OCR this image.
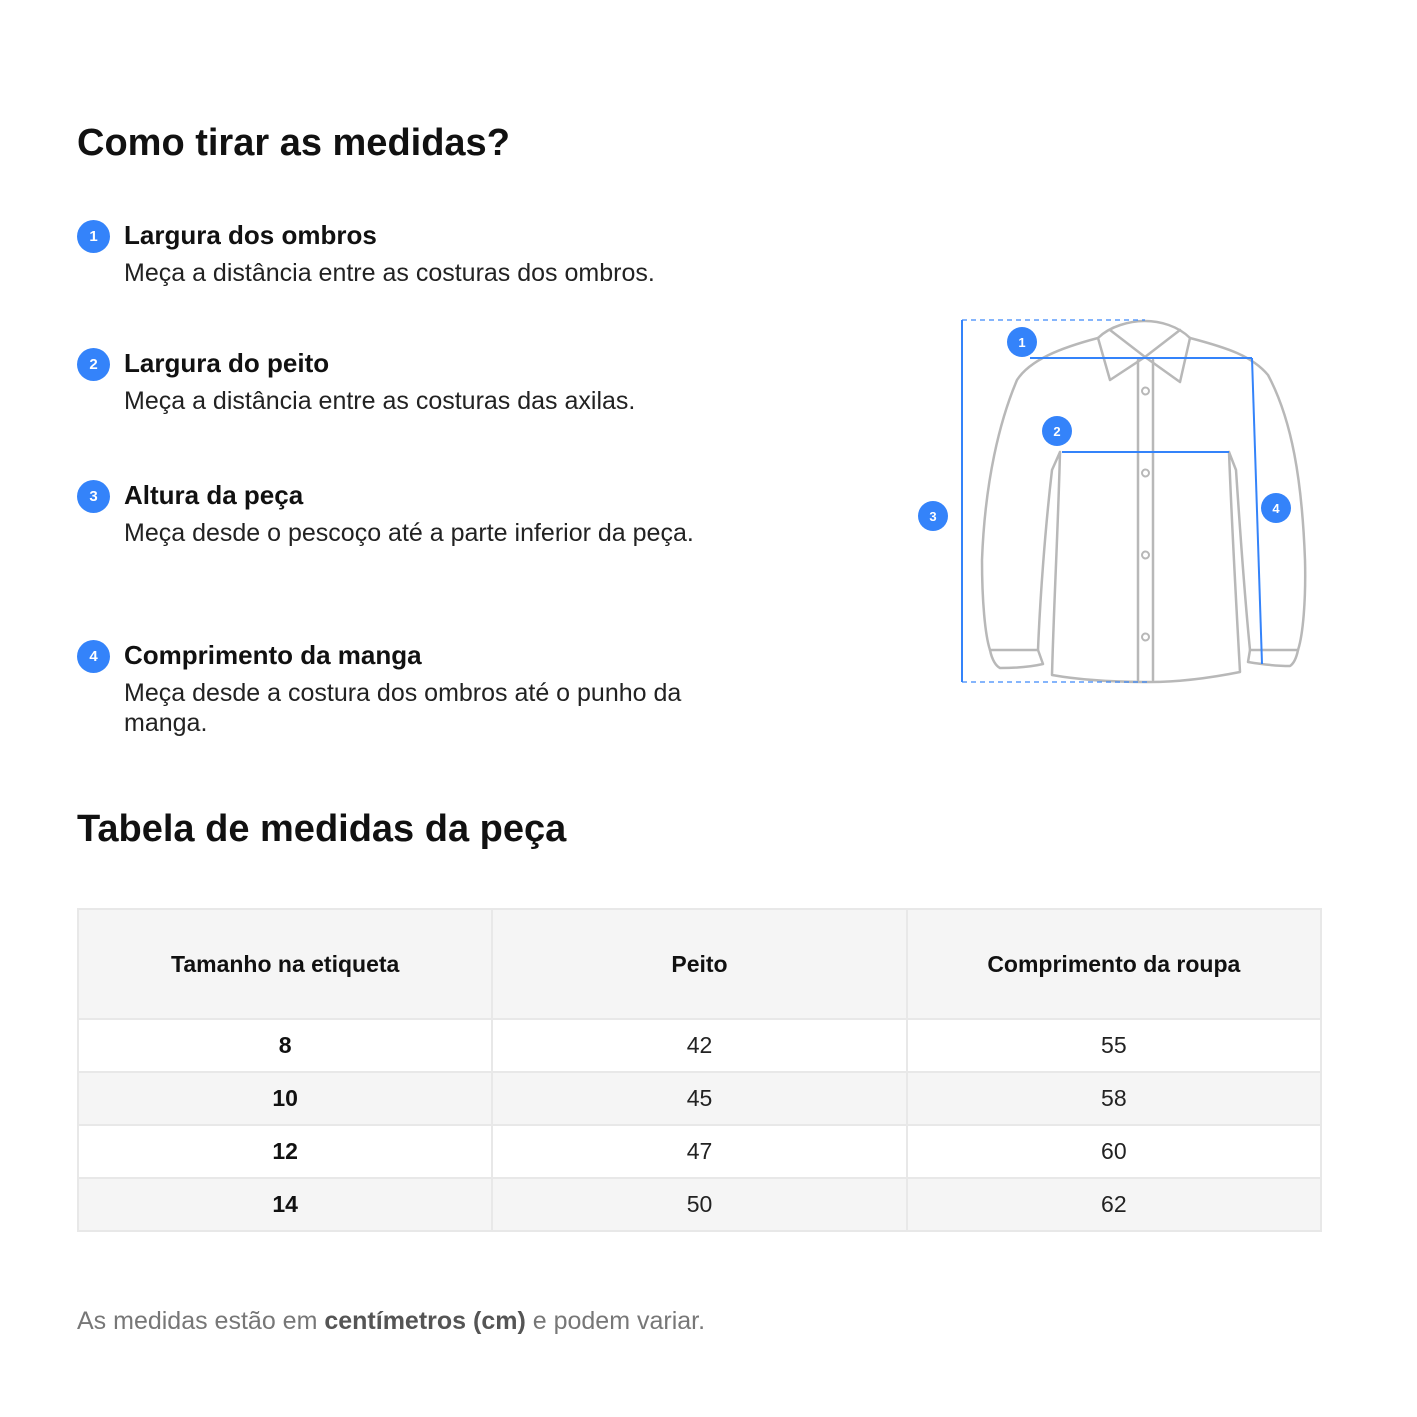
Como tirar as medidas?
1	Largura dos ombros
Meça a distância entre as costuras dos ombros.
2	Largura do peito
Meça a distância entre as costuras das axilas.
3	Altura da peça
Meça desde o pescoço até a parte inferior da peça.
4	Comprimento da manga
Meça desde a costura dos ombros até o punho da manga.
1
2
3
4
Tabela de medidas da peça
Tamanho na etiqueta	Peito	Comprimento da roupa
8	42	55
10	45	58
12	47	60
14	50	62

As medidas estão em centímetros (cm) e podem variar.
